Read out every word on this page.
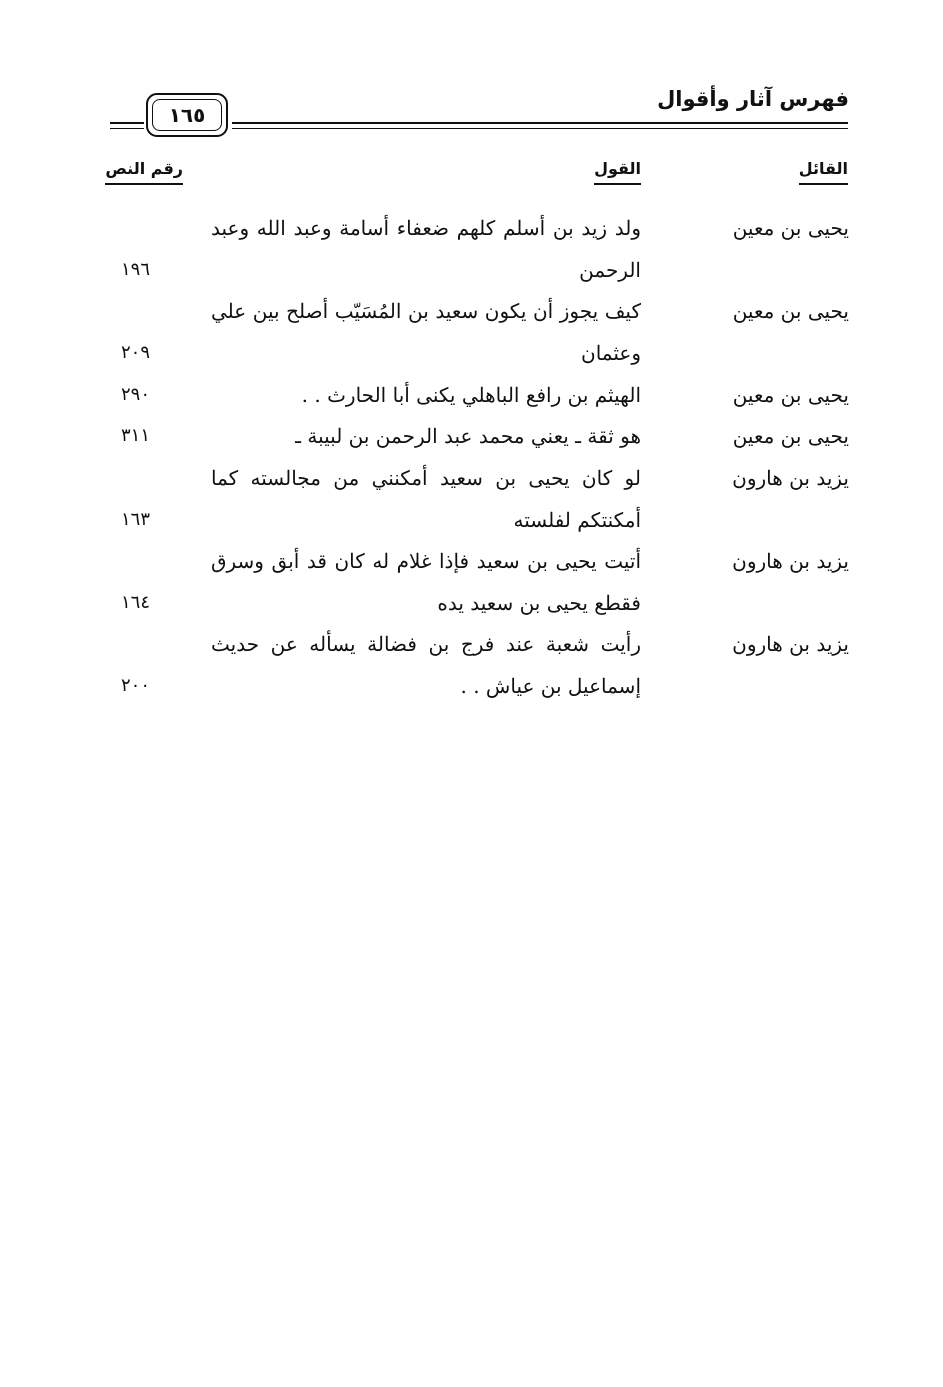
فهرس آثار وأقوال
١٦٥
القائل
القول
رقم النص
يحيى بن معين
ولد زيد بن أسلم كلهم ضعفاء أسامة وعبد الله وعبد الرحمن
١٩٦
يحيى بن معين
كيف يجوز أن يكون سعيد بن المُسَيّب أصلح بين علي وعثمان
٢٠٩
يحيى بن معين
الهيثم بن رافع الباهلي يكنى أبا الحارث . .
٢٩٠
يحيى بن معين
هو ثقة ـ يعني محمد عبد الرحمن بن لبيبة ـ
٣١١
يزيد بن هارون
لو كان يحيى بن سعيد أمكنني من مجالسته كما أمكنتكم لفلسته
١٦٣
يزيد بن هارون
أتيت يحيى بن سعيد فإذا غلام له كان قد أبق وسرق فقطع يحيى بن سعيد يده
١٦٤
يزيد بن هارون
رأيت شعبة عند فرج بن فضالة يسأله عن حديث إسماعيل بن عياش . .
٢٠٠
